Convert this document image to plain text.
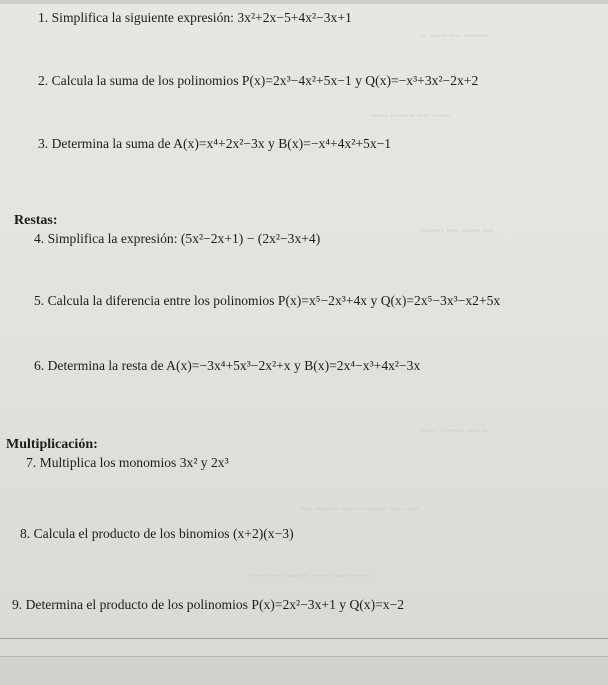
~ ~~~ ~~ ~~~~
~~~ ~~~~ ~~ ~~~
~~~~ ~~ ~~~ ~~
~~~ ~~~~ ~~ ~
~~ ~~~~ ~~~ ~~~~ ~~ ~~~
~~~ ~~ ~~~~ ~~~ ~~ ~~~~
1. Simplifica la siguiente expresión: 3x²+2x−5+4x²−3x+1
2. Calcula la suma de los polinomios P(x)=2x³−4x²+5x−1 y Q(x)=−x³+3x²−2x+2
3. Determina la suma de A(x)=x⁴+2x²−3x y B(x)=−x⁴+4x²+5x−1
Restas:
4. Simplifica la expresión: (5x²−2x+1) − (2x²−3x+4)
5. Calcula la diferencia entre los polinomios P(x)=x⁵−2x³+4x y Q(x)=2x⁵−3x³−x2+5x
6. Determina la resta de A(x)=−3x⁴+5x³−2x²+x y B(x)=2x⁴−x³+4x²−3x
Multiplicación:
7. Multiplica los monomios 3x² y 2x³
8. Calcula el producto de los binomios (x+2)(x−3)
9. Determina el producto de los polinomios P(x)=2x²−3x+1 y Q(x)=x−2
